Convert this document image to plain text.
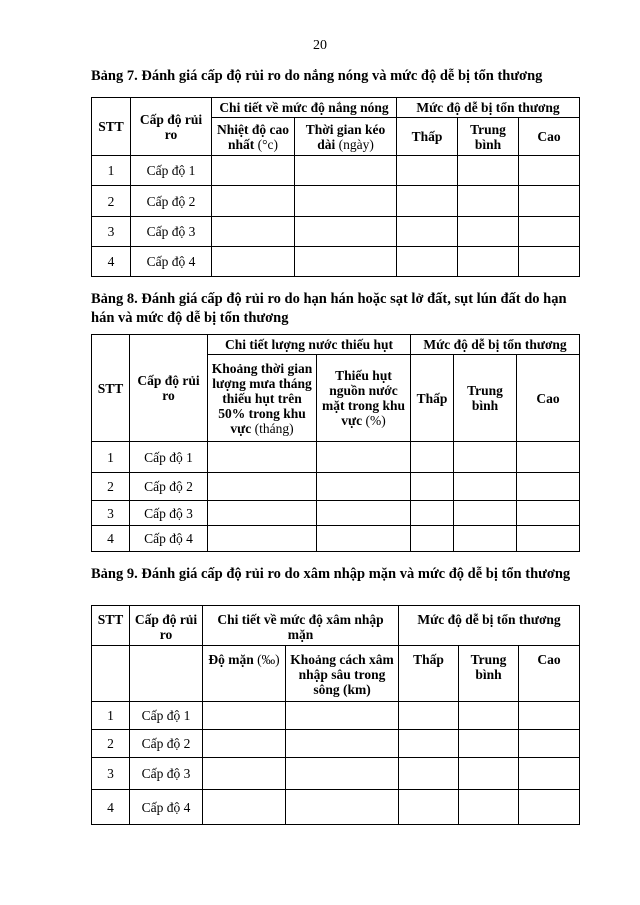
20
Bảng 7. Đánh giá cấp độ rủi ro do nắng nóng và mức độ dễ bị tổn thương
STT	Cấp độ rủi ro	Chi tiết về mức độ nắng nóng		Mức độ dễ bị tổn thương		
		Nhiệt độ cao nhất (°c)	Thời gian kéo dài (ngày)	Thấp	Trung bình	Cao
1	Cấp độ 1					
2	Cấp độ 2					
3	Cấp độ 3					
4	Cấp độ 4					
Bảng 8. Đánh giá cấp độ rủi ro do hạn hán hoặc sạt lở đất, sụt lún đất do hạn hán và mức độ dễ bị tổn thương
STT	Cấp độ rủi ro	Chi tiết lượng nước thiếu hụt		Mức độ dễ bị tổn thương		
		Khoảng thời gian lượng mưa tháng thiếu hụt trên 50% trong khu vực (tháng)	Thiếu hụt nguồn nước mặt trong khu vực (%)	Thấp	Trung bình	Cao
1	Cấp độ 1					
2	Cấp độ 2					
3	Cấp độ 3					
4	Cấp độ 4					
Bảng 9. Đánh giá cấp độ rủi ro do xâm nhập mặn và mức độ dễ bị tổn thương
STT	Cấp độ rủi ro	Chi tiết về mức độ xâm nhập mặn		Mức độ dễ bị tổn thương		
		Độ mặn (‰)	Khoảng cách xâm nhập sâu trong sông (km)	Thấp	Trung bình	Cao
1	Cấp độ 1					
2	Cấp độ 2					
3	Cấp độ 3					
4	Cấp độ 4					
